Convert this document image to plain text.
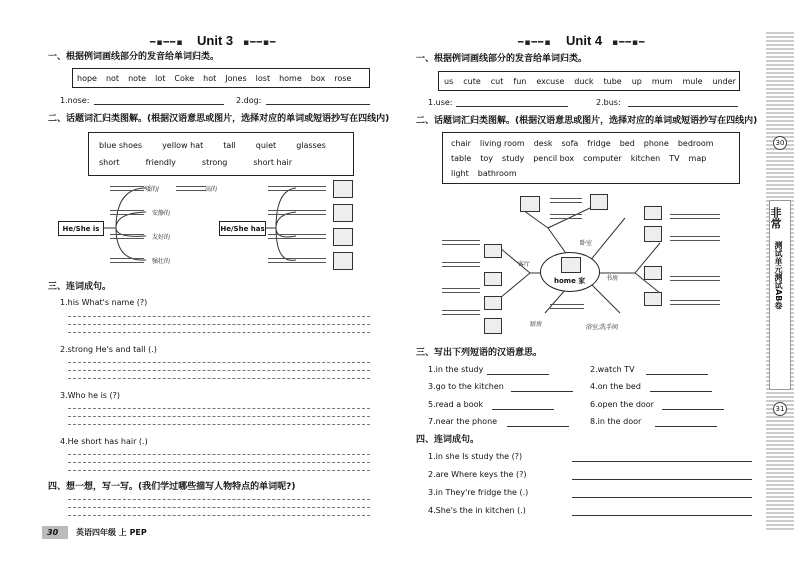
━▪━━▪ Unit 3 ▪━━▪━
一、根据例词画线部分的发音给单词归类。
hope not note lot Coke hot Jones lost home box rose
1.nose:	2.dog:
二、话题词汇归类图解。(根据汉语意思或图片，选择对应的单词或短语抄写在四线内)
blue shoes	yellow hat	tall	quiet	glasses
short	friendly	strong	short hair
He/She is	He/She has
矮的/	高的
安静的
友好的
强壮的
三、连词成句。
1.his What's name (?)
2.strong He's and tall (.)
3.Who he is (?)
4.He short has hair (.)
四、想一想，写一写。(我们学过哪些描写人物特点的单词呢?)
30 英语四年级 上 PEP
━▪━━▪ Unit 4 ▪━━▪━
一、根据例词画线部分的发音给单词归类。
us cute cut fun excuse duck tube up mum mule under
1.use:	2.bus:
二、话题词汇归类图解。(根据汉语意思或图片，选择对应的单词或短语抄写在四线内)
chair living room desk sofa fridge bed phone bedroom
table toy study pencil box computer kitchen TV map
light bathroom
home 家
卧室
客厅
书房
厨房	浴室;洗手间
三、写出下列短语的汉语意思。
1.in the study	2.watch TV
3.go to the kitchen	4.on the bed
5.read a book	6.open the door
7.near the phone	8.in the door
四、连词成句。
1.in she Is study the (?)
2.are Where keys the (?)
3.in They're fridge the (.)
4.She's the in kitchen (.)
30
非常
测试单元测试AB卷
31
